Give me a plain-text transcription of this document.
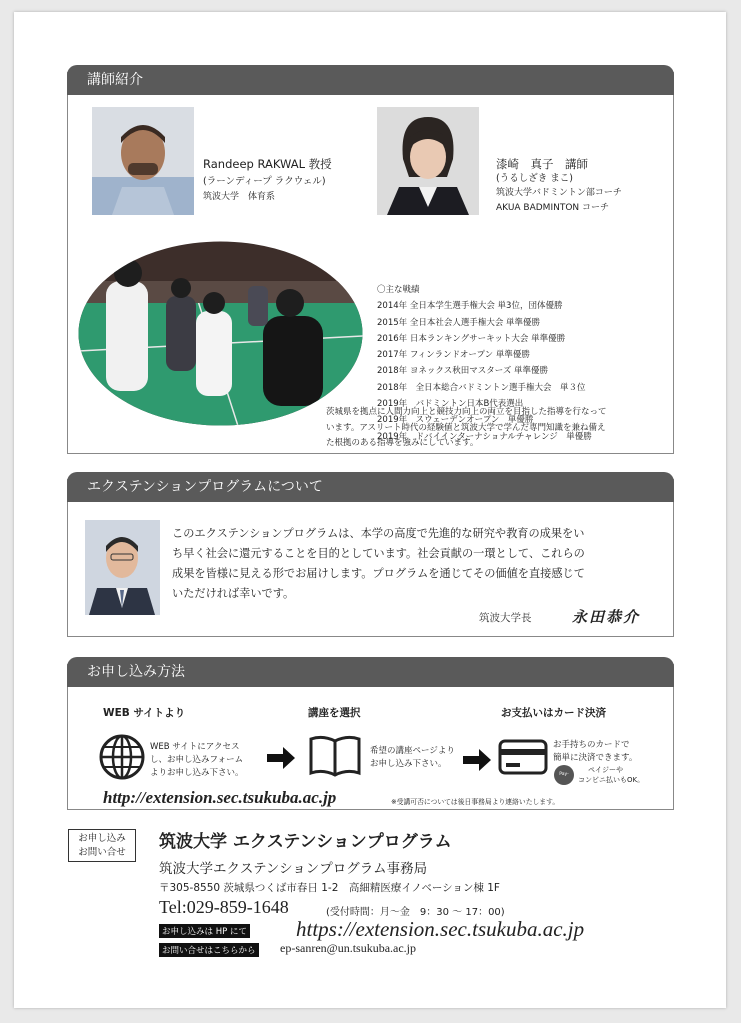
講師紹介
Randeep RAKWAL 教授
(ラーンディープ ラクウェル)
筑波大学　体育系
漆崎　真子　講師
(うるしざき まこ)
筑波大学バドミントン部コーチ
AKUA BADMINTON コーチ
〇主な戦績
2014年 全日本学生選手権大会 単3位，団体優勝
2015年 全日本社会人選手権大会 単準優勝
2016年 日本ランキングサーキット大会 単準優勝
2017年 フィンランドオープン 単準優勝
2018年 ヨネックス秋田マスターズ 単準優勝
2018年　全日本総合バドミントン選手権大会　単３位
2019年　バドミントン日本B代表選出
2019年　スウェーデンオープン　単優勝
2019年　ドバイインターナショナルチャレンジ　単優勝
茨城県を拠点に人間力向上と競技力向上の両立を目指した指導を行なって
います。アスリート時代の経験値と筑波大学で学んだ専門知識を兼ね備え
た根拠のある指導を強みにしています。
エクステンションプログラムについて
このエクステンションプログラムは、本学の高度で先進的な研究や教育の成果をい
ち早く社会に還元することを目的としています。社会貢献の一環として、これらの
成果を皆様に見える形でお届けします。プログラムを通じてその価値を直接感じて
いただければ幸いです。
筑波大学長	永田恭介
お申し込み方法
WEB サイトより
WEB サイトにアクセス
し、お申し込みフォーム
よりお申し込み下さい。
講座を選択
希望の講座ページより
お申し込み下さい。
お支払いはカード決済
お手持ちのカードで
簡単に決済できます。
Pay-Easy
ペイジーや
コンビニ払いもOK。
http://extension.sec.tsukuba.ac.jp	※受講可否については後日事務局より連絡いたします。
お申し込み
お問い合せ
筑波大学 エクステンションプログラム
筑波大学エクステンションプログラム事務局
〒305-8550 茨城県つくば市春日 1-2　高細精医療イノベーション棟 1F
Tel:029-859-1648	(受付時間：月～金　9：30 ～ 17：00)
お申し込みは HP にて https://extension.sec.tsukuba.ac.jp
お問い合せはこちらから ep-sanren@un.tsukuba.ac.jp
